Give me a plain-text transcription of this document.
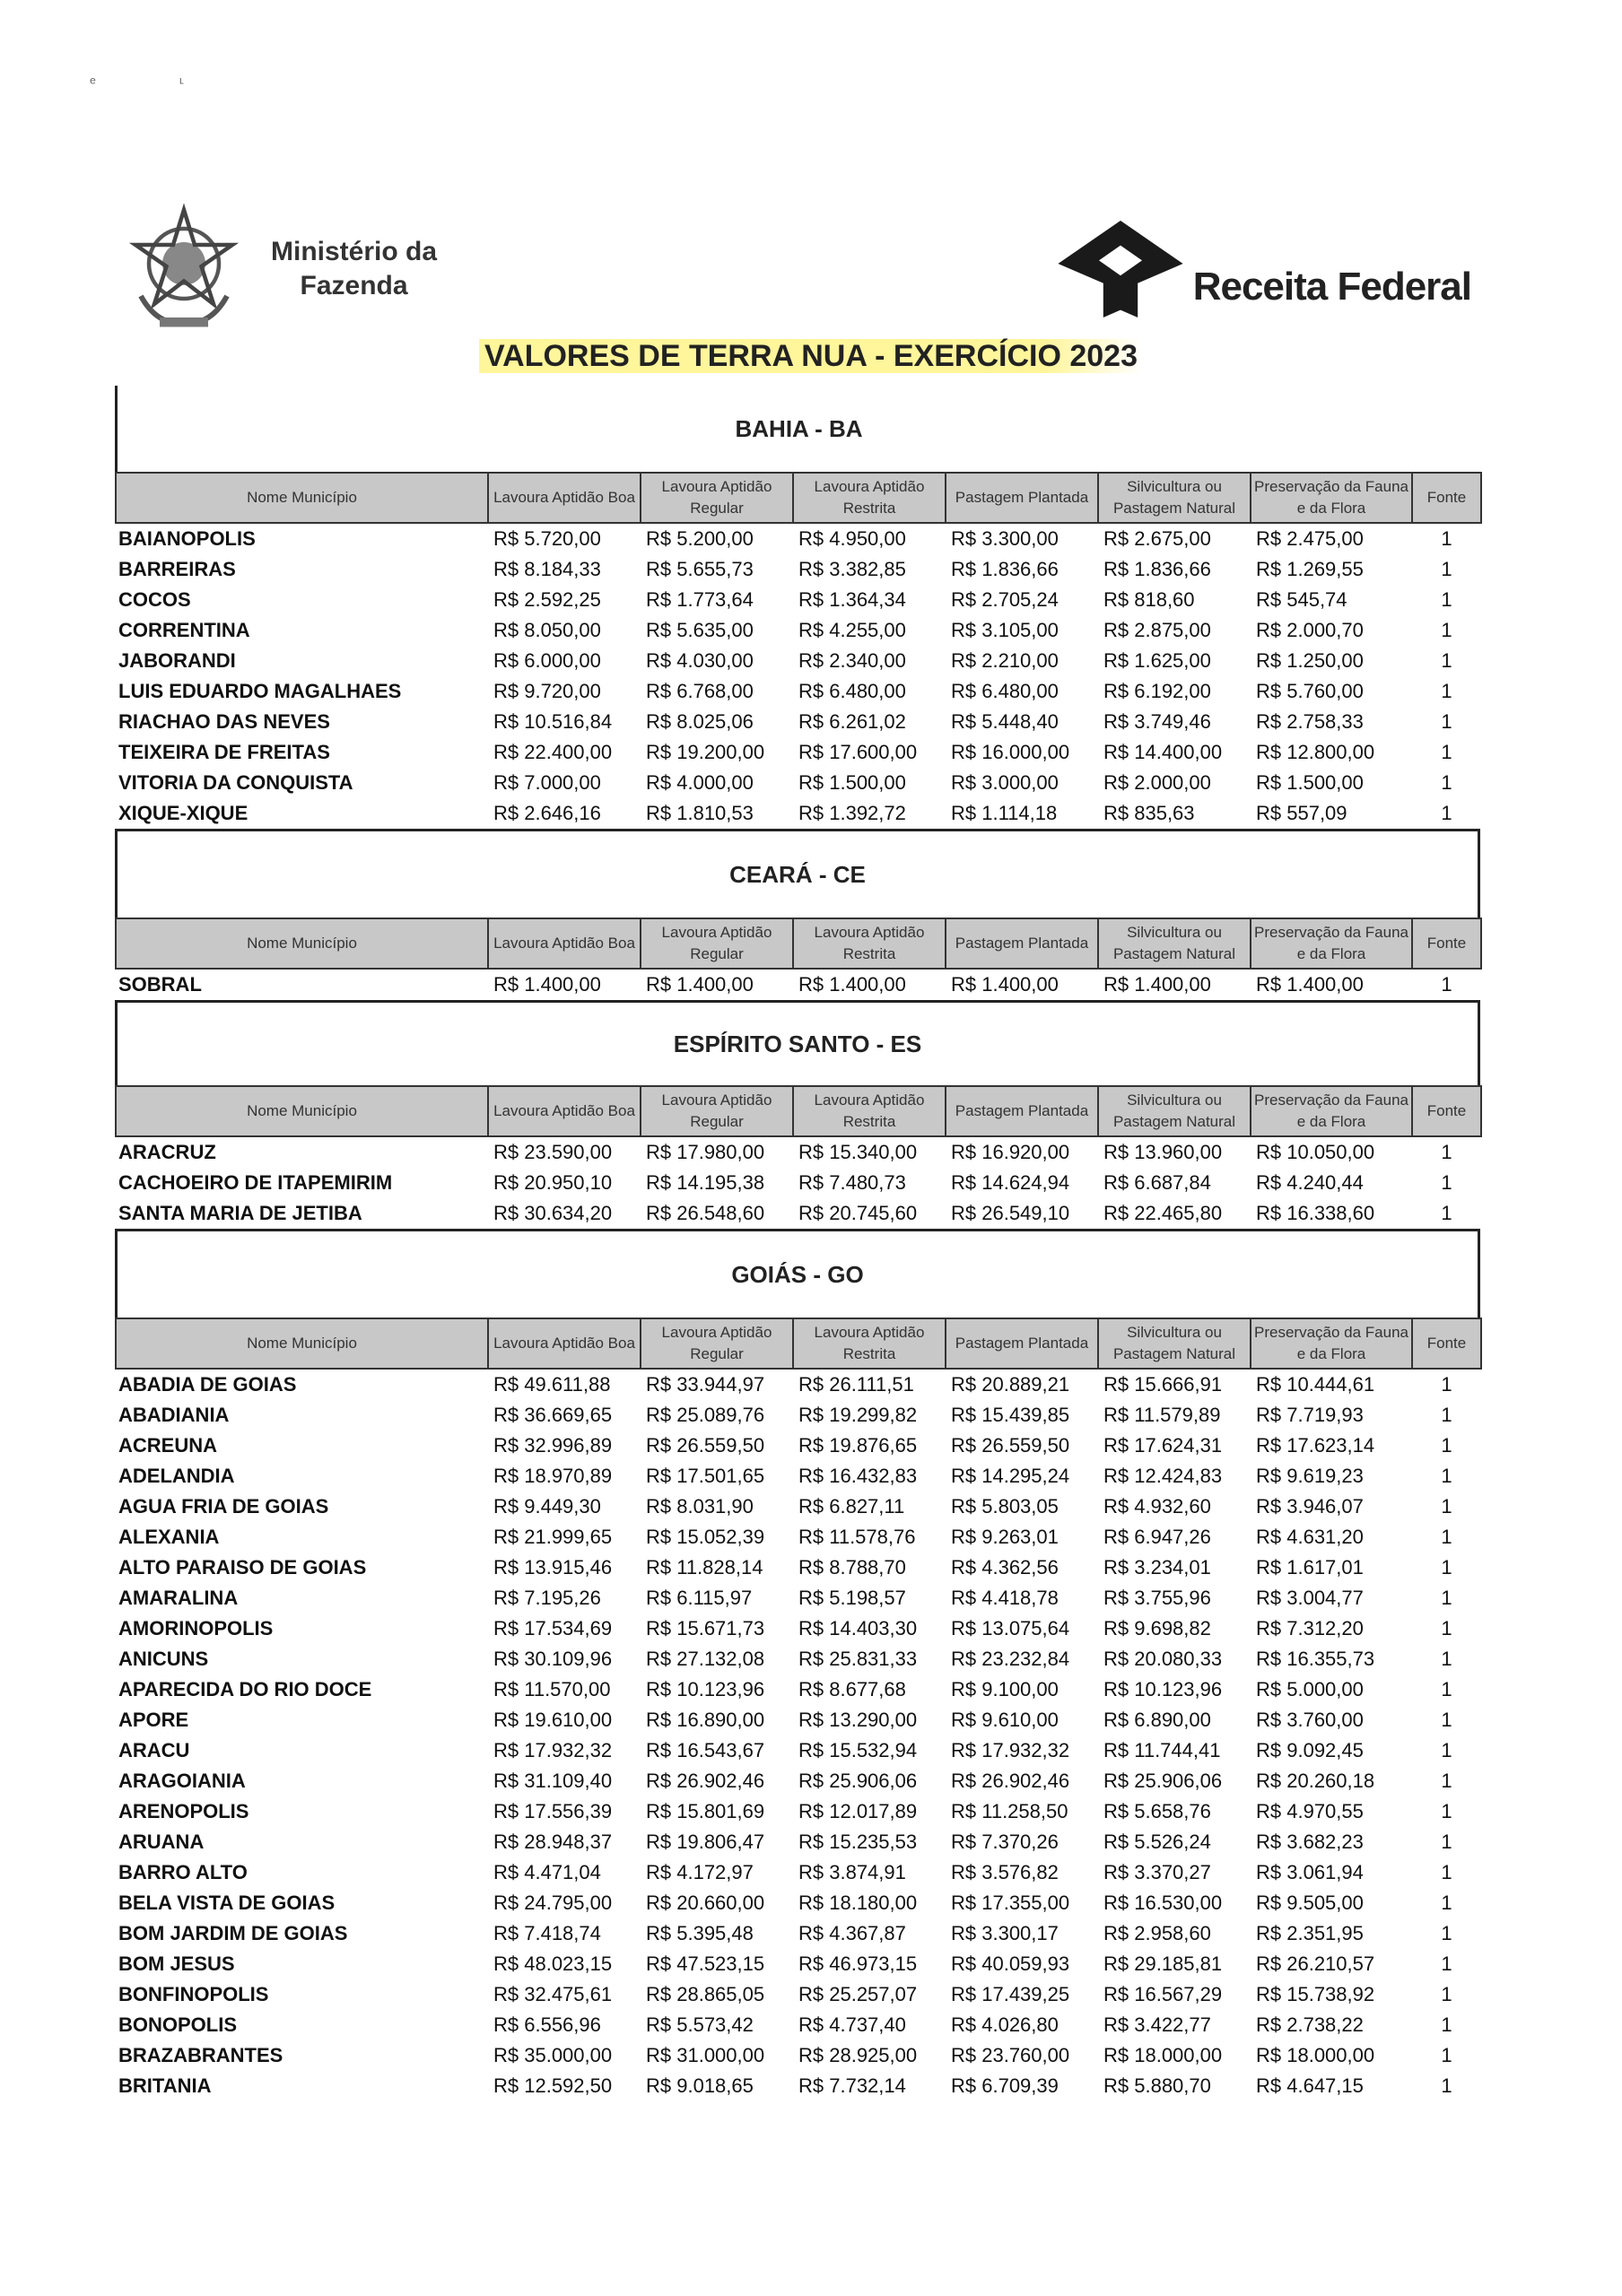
ᵉ	ᶫ
Ministério da
Fazenda	Receita Federal
VALORES DE TERRA NUA - EXERCÍCIO 2023
BAHIA - BA
Nome Município	Lavoura Aptidão Boa	Lavoura Aptidão Regular	Lavoura Aptidão Restrita	Pastagem Plantada	Silvicultura ou Pastagem Natural	Preservação da Fauna e da Flora	Fonte
BAIANOPOLIS	R$ 5.720,00	R$ 5.200,00	R$ 4.950,00	R$ 3.300,00	R$ 2.675,00	R$ 2.475,00	1
BARREIRAS	R$ 8.184,33	R$ 5.655,73	R$ 3.382,85	R$ 1.836,66	R$ 1.836,66	R$ 1.269,55	1
COCOS	R$ 2.592,25	R$ 1.773,64	R$ 1.364,34	R$ 2.705,24	R$ 818,60	R$ 545,74	1
CORRENTINA	R$ 8.050,00	R$ 5.635,00	R$ 4.255,00	R$ 3.105,00	R$ 2.875,00	R$ 2.000,70	1
JABORANDI	R$ 6.000,00	R$ 4.030,00	R$ 2.340,00	R$ 2.210,00	R$ 1.625,00	R$ 1.250,00	1
LUIS EDUARDO MAGALHAES	R$ 9.720,00	R$ 6.768,00	R$ 6.480,00	R$ 6.480,00	R$ 6.192,00	R$ 5.760,00	1
RIACHAO DAS NEVES	R$ 10.516,84	R$ 8.025,06	R$ 6.261,02	R$ 5.448,40	R$ 3.749,46	R$ 2.758,33	1
TEIXEIRA DE FREITAS	R$ 22.400,00	R$ 19.200,00	R$ 17.600,00	R$ 16.000,00	R$ 14.400,00	R$ 12.800,00	1
VITORIA DA CONQUISTA	R$ 7.000,00	R$ 4.000,00	R$ 1.500,00	R$ 3.000,00	R$ 2.000,00	R$ 1.500,00	1
XIQUE-XIQUE	R$ 2.646,16	R$ 1.810,53	R$ 1.392,72	R$ 1.114,18	R$ 835,63	R$ 557,09	1
CEARÁ - CE
Nome Município	Lavoura Aptidão Boa	Lavoura Aptidão Regular	Lavoura Aptidão Restrita	Pastagem Plantada	Silvicultura ou Pastagem Natural	Preservação da Fauna e da Flora	Fonte
SOBRAL	R$ 1.400,00	R$ 1.400,00	R$ 1.400,00	R$ 1.400,00	R$ 1.400,00	R$ 1.400,00	1
ESPÍRITO SANTO - ES
Nome Município	Lavoura Aptidão Boa	Lavoura Aptidão Regular	Lavoura Aptidão Restrita	Pastagem Plantada	Silvicultura ou Pastagem Natural	Preservação da Fauna e da Flora	Fonte
ARACRUZ	R$ 23.590,00	R$ 17.980,00	R$ 15.340,00	R$ 16.920,00	R$ 13.960,00	R$ 10.050,00	1
CACHOEIRO DE ITAPEMIRIM	R$ 20.950,10	R$ 14.195,38	R$ 7.480,73	R$ 14.624,94	R$ 6.687,84	R$ 4.240,44	1
SANTA MARIA DE JETIBA	R$ 30.634,20	R$ 26.548,60	R$ 20.745,60	R$ 26.549,10	R$ 22.465,80	R$ 16.338,60	1
GOIÁS - GO
Nome Município	Lavoura Aptidão Boa	Lavoura Aptidão Regular	Lavoura Aptidão Restrita	Pastagem Plantada	Silvicultura ou Pastagem Natural	Preservação da Fauna e da Flora	Fonte
ABADIA DE GOIAS	R$ 49.611,88	R$ 33.944,97	R$ 26.111,51	R$ 20.889,21	R$ 15.666,91	R$ 10.444,61	1
ABADIANIA	R$ 36.669,65	R$ 25.089,76	R$ 19.299,82	R$ 15.439,85	R$ 11.579,89	R$ 7.719,93	1
ACREUNA	R$ 32.996,89	R$ 26.559,50	R$ 19.876,65	R$ 26.559,50	R$ 17.624,31	R$ 17.623,14	1
ADELANDIA	R$ 18.970,89	R$ 17.501,65	R$ 16.432,83	R$ 14.295,24	R$ 12.424,83	R$ 9.619,23	1
AGUA FRIA DE GOIAS	R$ 9.449,30	R$ 8.031,90	R$ 6.827,11	R$ 5.803,05	R$ 4.932,60	R$ 3.946,07	1
ALEXANIA	R$ 21.999,65	R$ 15.052,39	R$ 11.578,76	R$ 9.263,01	R$ 6.947,26	R$ 4.631,20	1
ALTO PARAISO DE GOIAS	R$ 13.915,46	R$ 11.828,14	R$ 8.788,70	R$ 4.362,56	R$ 3.234,01	R$ 1.617,01	1
AMARALINA	R$ 7.195,26	R$ 6.115,97	R$ 5.198,57	R$ 4.418,78	R$ 3.755,96	R$ 3.004,77	1
AMORINOPOLIS	R$ 17.534,69	R$ 15.671,73	R$ 14.403,30	R$ 13.075,64	R$ 9.698,82	R$ 7.312,20	1
ANICUNS	R$ 30.109,96	R$ 27.132,08	R$ 25.831,33	R$ 23.232,84	R$ 20.080,33	R$ 16.355,73	1
APARECIDA DO RIO DOCE	R$ 11.570,00	R$ 10.123,96	R$ 8.677,68	R$ 9.100,00	R$ 10.123,96	R$ 5.000,00	1
APORE	R$ 19.610,00	R$ 16.890,00	R$ 13.290,00	R$ 9.610,00	R$ 6.890,00	R$ 3.760,00	1
ARACU	R$ 17.932,32	R$ 16.543,67	R$ 15.532,94	R$ 17.932,32	R$ 11.744,41	R$ 9.092,45	1
ARAGOIANIA	R$ 31.109,40	R$ 26.902,46	R$ 25.906,06	R$ 26.902,46	R$ 25.906,06	R$ 20.260,18	1
ARENOPOLIS	R$ 17.556,39	R$ 15.801,69	R$ 12.017,89	R$ 11.258,50	R$ 5.658,76	R$ 4.970,55	1
ARUANA	R$ 28.948,37	R$ 19.806,47	R$ 15.235,53	R$ 7.370,26	R$ 5.526,24	R$ 3.682,23	1
BARRO ALTO	R$ 4.471,04	R$ 4.172,97	R$ 3.874,91	R$ 3.576,82	R$ 3.370,27	R$ 3.061,94	1
BELA VISTA DE GOIAS	R$ 24.795,00	R$ 20.660,00	R$ 18.180,00	R$ 17.355,00	R$ 16.530,00	R$ 9.505,00	1
BOM JARDIM DE GOIAS	R$ 7.418,74	R$ 5.395,48	R$ 4.367,87	R$ 3.300,17	R$ 2.958,60	R$ 2.351,95	1
BOM JESUS	R$ 48.023,15	R$ 47.523,15	R$ 46.973,15	R$ 40.059,93	R$ 29.185,81	R$ 26.210,57	1
BONFINOPOLIS	R$ 32.475,61	R$ 28.865,05	R$ 25.257,07	R$ 17.439,25	R$ 16.567,29	R$ 15.738,92	1
BONOPOLIS	R$ 6.556,96	R$ 5.573,42	R$ 4.737,40	R$ 4.026,80	R$ 3.422,77	R$ 2.738,22	1
BRAZABRANTES	R$ 35.000,00	R$ 31.000,00	R$ 28.925,00	R$ 23.760,00	R$ 18.000,00	R$ 18.000,00	1
BRITANIA	R$ 12.592,50	R$ 9.018,65	R$ 7.732,14	R$ 6.709,39	R$ 5.880,70	R$ 4.647,15	1
